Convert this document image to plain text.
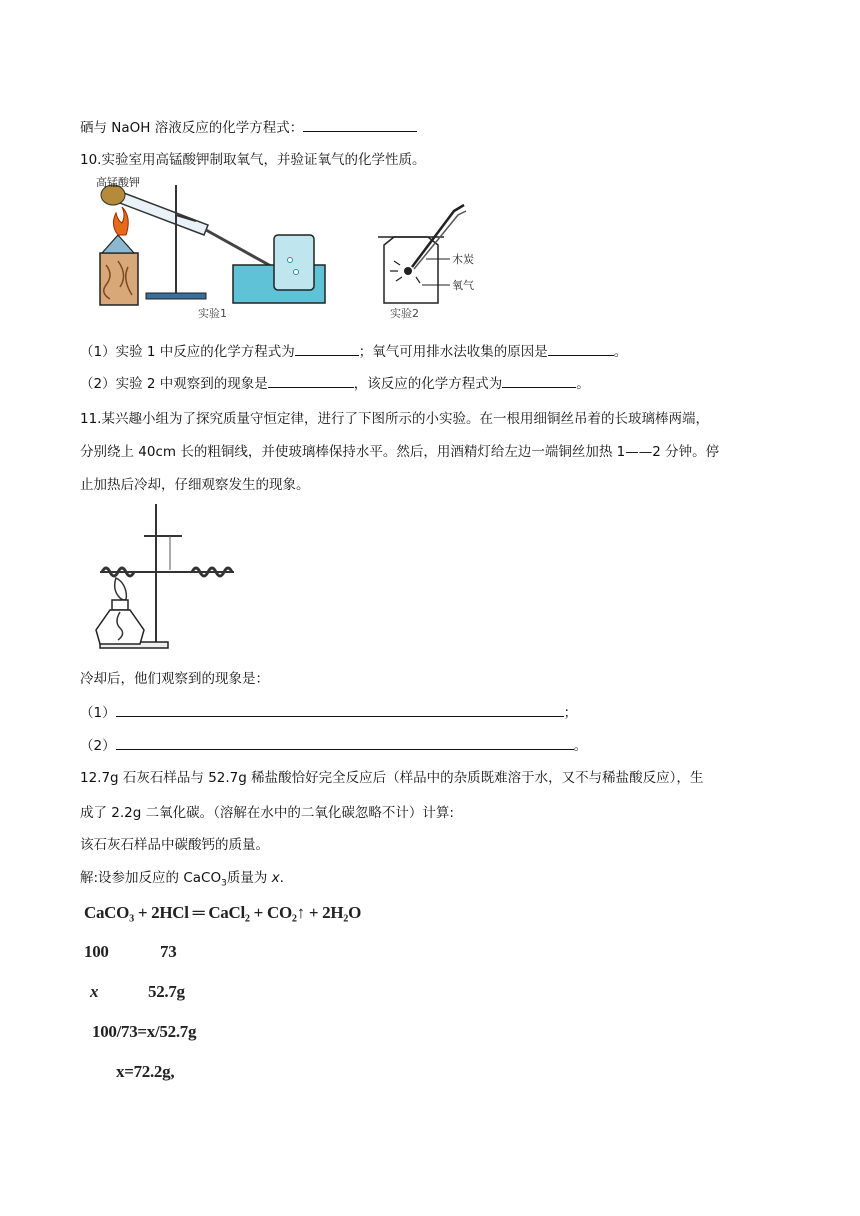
硒与 NaOH 溶液反应的化学方程式：
10.实验室用高锰酸钾制取氧气，并验证氧气的化学性质。
高锰酸钾
实验1
木炭
氧气
实验2
（1）实验 1 中反应的化学方程式为	；氧气可用排水法收集的原因是	。
（2）实验 2 中观察到的现象是	，该反应的化学方程式为	。
11.某兴趣小组为了探究质量守恒定律，进行了下图所示的小实验。在一根用细铜丝吊着的长玻璃棒两端，
分别绕上 40cm 长的粗铜线，并使玻璃棒保持水平。然后，用酒精灯给左边一端铜丝加热 1——2 分钟。停
止加热后冷却，仔细观察发生的现象。
冷却后，他们观察到的现象是：
（1）	；
（2）	。
12.7g 石灰石样品与 52.7g 稀盐酸恰好完全反应后（样品中的杂质既难溶于水，又不与稀盐酸反应），生
成了 2.2g 二氧化碳。（溶解在水中的二氧化碳忽略不计）计算:
该石灰石样品中碳酸钙的质量。
解:设参加反应的 CaCO$_3$质量为 x.
CaCO₃ + 2HCl ═ CaCl₂ + CO₂↑ + 2H₂O
100	73
x	52.7g
100/73=x/52.7g
x=72.2g,
